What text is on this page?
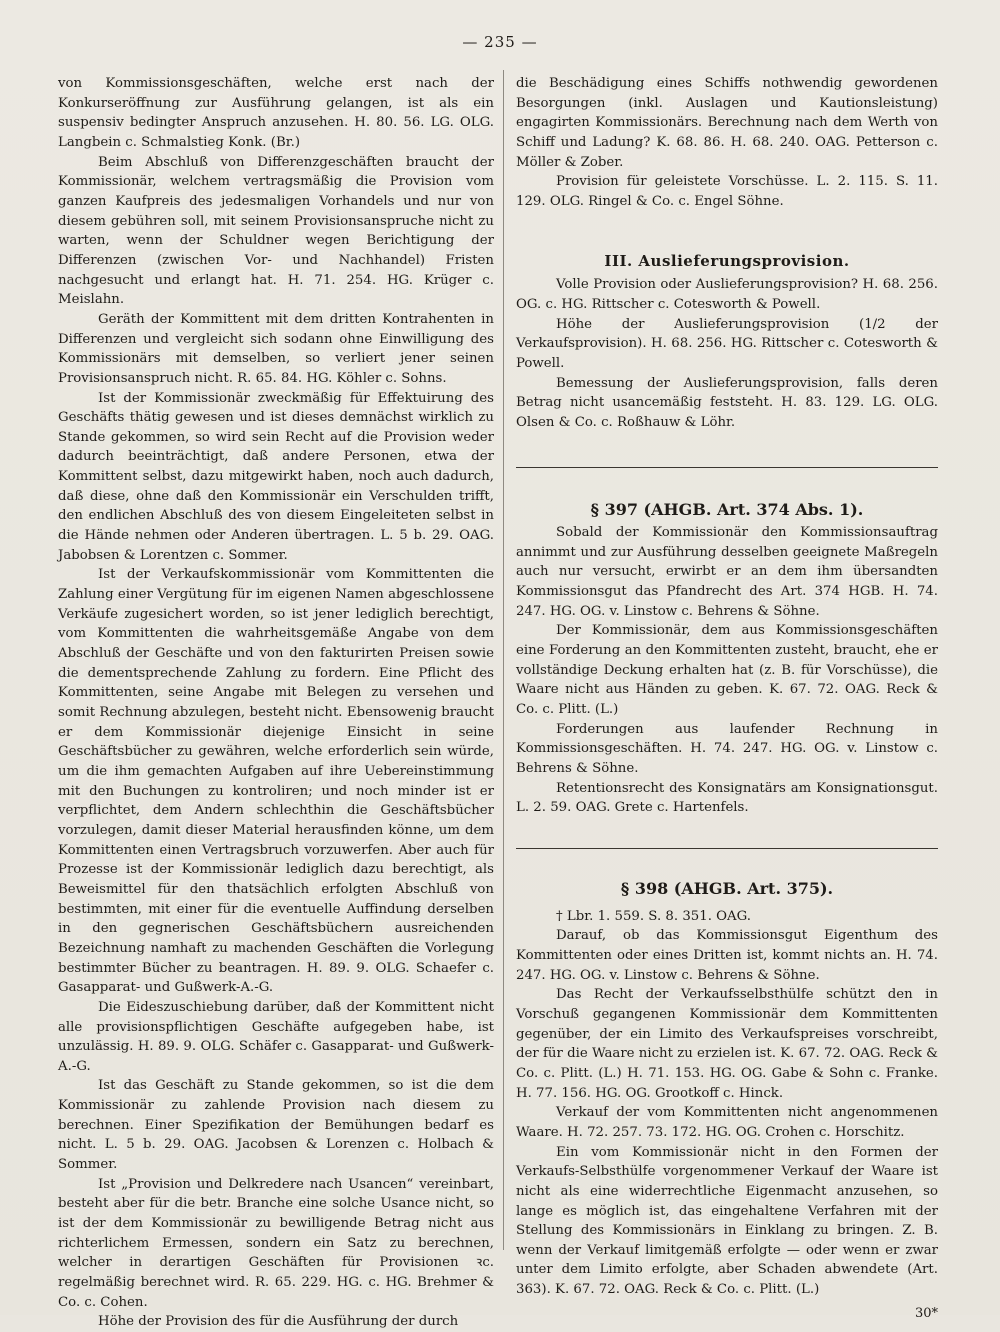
— 235 —

von Kommissionsgeschäften, welche erst nach der Konkurseröffnung zur Ausführung gelangen, ist als ein suspensiv bedingter Anspruch anzusehen. H. 80. 56. LG. OLG. Langbein c. Schmalstieg Konk. (Br.)

Beim Abschluß von Differenzgeschäften braucht der Kommissionär, welchem vertragsmäßig die Provision vom ganzen Kaufpreis des jedesmaligen Vorhandels und nur von diesem gebühren soll, mit seinem Provisionsanspruche nicht zu warten, wenn der Schuldner wegen Berichtigung der Differenzen (zwischen Vor- und Nachhandel) Fristen nachgesucht und erlangt hat. H. 71. 254. HG. Krüger c. Meislahn.

Geräth der Kommittent mit dem dritten Kontrahenten in Differenzen und vergleicht sich sodann ohne Einwilligung des Kommissionärs mit demselben, so verliert jener seinen Provisionsanspruch nicht. R. 65. 84. HG. Köhler c. Sohns.

Ist der Kommissionär zweckmäßig für Effektuirung des Geschäfts thätig gewesen und ist dieses demnächst wirklich zu Stande gekommen, so wird sein Recht auf die Provision weder dadurch beeinträchtigt, daß andere Personen, etwa der Kommittent selbst, dazu mitgewirkt haben, noch auch dadurch, daß diese, ohne daß den Kommissionär ein Verschulden trifft, den endlichen Abschluß des von diesem Eingeleiteten selbst in die Hände nehmen oder Anderen übertragen. L. 5 b. 29. OAG. Jabobsen & Lorentzen c. Sommer.

Ist der Verkaufskommissionär vom Kommittenten die Zahlung einer Vergütung für im eigenen Namen abgeschlossene Verkäufe zugesichert worden, so ist jener lediglich berechtigt, vom Kommittenten die wahrheitsgemäße Angabe von dem Abschluß der Geschäfte und von den fakturirten Preisen sowie die dementsprechende Zahlung zu fordern. Eine Pflicht des Kommittenten, seine Angabe mit Belegen zu versehen und somit Rechnung abzulegen, besteht nicht. Ebensowenig braucht er dem Kommissionär diejenige Einsicht in seine Geschäftsbücher zu gewähren, welche erforderlich sein würde, um die ihm gemachten Aufgaben auf ihre Uebereinstimmung mit den Buchungen zu kontroliren; und noch minder ist er verpflichtet, dem Andern schlechthin die Geschäftsbücher vorzulegen, damit dieser Material herausfinden könne, um dem Kommittenten einen Vertragsbruch vorzuwerfen. Aber auch für Prozesse ist der Kommissionär lediglich dazu berechtigt, als Beweismittel für den thatsächlich erfolgten Abschluß von bestimmten, mit einer für die eventuelle Auffindung derselben in den gegnerischen Geschäftsbüchern ausreichenden Bezeichnung namhaft zu machenden Geschäften die Vorlegung bestimmter Bücher zu beantragen. H. 89. 9. OLG. Schaefer c. Gasapparat- und Gußwerk-A.-G.

Die Eideszuschiebung darüber, daß der Kommittent nicht alle provisionspflichtigen Geschäfte aufgegeben habe, ist unzulässig. H. 89. 9. OLG. Schäfer c. Gasapparat- und Gußwerk-A.-G.

Ist das Geschäft zu Stande gekommen, so ist die dem Kommissionär zu zahlende Provision nach diesem zu berechnen. Einer Spezifikation der Bemühungen bedarf es nicht. L. 5 b. 29. OAG. Jacobsen & Lorenzen c. Holbach & Sommer.

Ist „Provision und Delkredere nach Usancen“ vereinbart, besteht aber für die betr. Branche eine solche Usance nicht, so ist der dem Kommissionär zu bewilligende Betrag nicht aus richterlichem Ermessen, sondern ein Satz zu berechnen, welcher in derartigen Geschäften für Provisionen ꝛc. regelmäßig berechnet wird. R. 65. 229. HG. c. HG. Brehmer & Co. c. Cohen.

Höhe der Provision des für die Ausführung der durch

die Beschädigung eines Schiffs nothwendig gewordenen Besorgungen (inkl. Auslagen und Kautionsleistung) engagirten Kommissionärs. Berechnung nach dem Werth von Schiff und Ladung? K. 68. 86. H. 68. 240. OAG. Petterson c. Möller & Zober.

Provision für geleistete Vorschüsse. L. 2. 115. S. 11. 129. OLG. Ringel & Co. c. Engel Söhne.

III. Auslieferungsprovision.

Volle Provision oder Auslieferungsprovision? H. 68. 256. OG. c. HG. Rittscher c. Cotesworth & Powell.

Höhe der Auslieferungsprovision (1/2 der Verkaufsprovision). H. 68. 256. HG. Rittscher c. Cotesworth & Powell.

Bemessung der Auslieferungsprovision, falls deren Betrag nicht usancemäßig feststeht. H. 83. 129. LG. OLG. Olsen & Co. c. Roßhauw & Löhr.

§ 397 (AHGB. Art. 374 Abs. 1).

Sobald der Kommissionär den Kommissionsauftrag annimmt und zur Ausführung desselben geeignete Maßregeln auch nur versucht, erwirbt er an dem ihm übersandten Kommissionsgut das Pfandrecht des Art. 374 HGB. H. 74. 247. HG. OG. v. Linstow c. Behrens & Söhne.

Der Kommissionär, dem aus Kommissionsgeschäften eine Forderung an den Kommittenten zusteht, braucht, ehe er vollständige Deckung erhalten hat (z. B. für Vorschüsse), die Waare nicht aus Händen zu geben. K. 67. 72. OAG. Reck & Co. c. Plitt. (L.)

Forderungen aus laufender Rechnung in Kommissionsgeschäften. H. 74. 247. HG. OG. v. Linstow c. Behrens & Söhne.

Retentionsrecht des Konsignatärs am Konsignationsgut. L. 2. 59. OAG. Grete c. Hartenfels.

§ 398 (AHGB. Art. 375).

† Lbr. 1. 559. S. 8. 351. OAG.

Darauf, ob das Kommissionsgut Eigenthum des Kommittenten oder eines Dritten ist, kommt nichts an. H. 74. 247. HG. OG. v. Linstow c. Behrens & Söhne.

Das Recht der Verkaufsselbsthülfe schützt den in Vorschuß gegangenen Kommissionär dem Kommittenten gegenüber, der ein Limito des Verkaufspreises vorschreibt, der für die Waare nicht zu erzielen ist. K. 67. 72. OAG. Reck & Co. c. Plitt. (L.) H. 71. 153. HG. OG. Gabe & Sohn c. Franke. H. 77. 156. HG. OG. Grootkoff c. Hinck.

Verkauf der vom Kommittenten nicht angenommenen Waare. H. 72. 257. 73. 172. HG. OG. Crohen c. Horschitz.

Ein vom Kommissionär nicht in den Formen der Verkaufs-Selbsthülfe vorgenommener Verkauf der Waare ist nicht als eine widerrechtliche Eigenmacht anzusehen, so lange es möglich ist, das eingehaltene Verfahren mit der Stellung des Kommissionärs in Einklang zu bringen. Z. B. wenn der Verkauf limitgemäß erfolgte — oder wenn er zwar unter dem Limito erfolgte, aber Schaden abwendete (Art. 363). K. 67. 72. OAG. Reck & Co. c. Plitt. (L.)

30*
